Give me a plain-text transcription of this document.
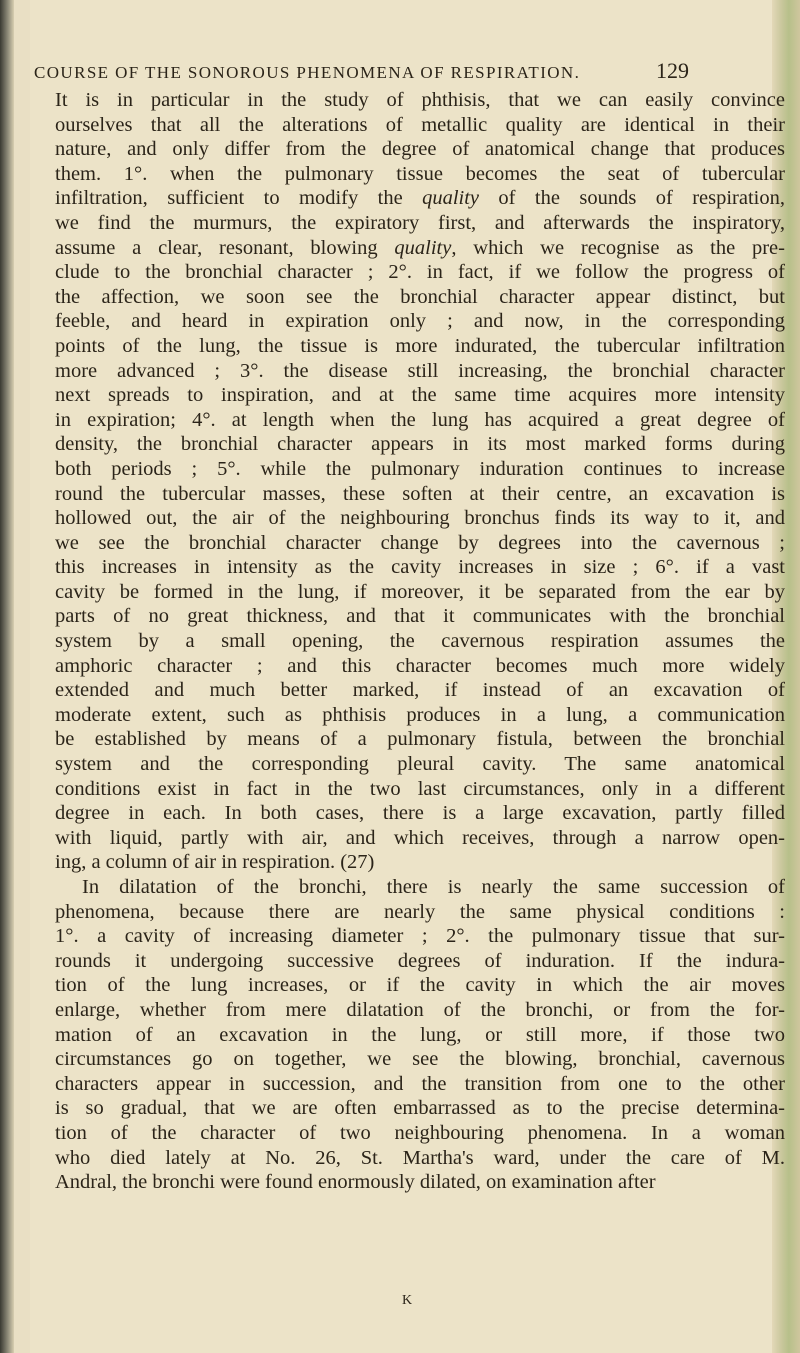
COURSE OF THE SONOROUS PHENOMENA OF RESPIRATION.	129
It is in particular in the study of phthisis, that we can easily convince
ourselves that all the alterations of metallic quality are identical in their
nature, and only differ from the degree of anatomical change that produces
them. 1°. when the pulmonary tissue becomes the seat of tubercular
infiltration, sufficient to modify the quality of the sounds of respiration,
we find the murmurs, the expiratory first, and afterwards the inspiratory,
assume a clear, resonant, blowing quality, which we recognise as the pre-
clude to the bronchial character ; 2°. in fact, if we follow the progress of
the affection, we soon see the bronchial character appear distinct, but
feeble, and heard in expiration only ; and now, in the corresponding
points of the lung, the tissue is more indurated, the tubercular infiltration
more advanced ; 3°. the disease still increasing, the bronchial character
next spreads to inspiration, and at the same time acquires more intensity
in expiration; 4°. at length when the lung has acquired a great degree of
density, the bronchial character appears in its most marked forms during
both periods ; 5°. while the pulmonary induration continues to increase
round the tubercular masses, these soften at their centre, an excavation is
hollowed out, the air of the neighbouring bronchus finds its way to it, and
we see the bronchial character change by degrees into the cavernous ;
this increases in intensity as the cavity increases in size ; 6°. if a vast
cavity be formed in the lung, if moreover, it be separated from the ear by
parts of no great thickness, and that it communicates with the bronchial
system by a small opening, the cavernous respiration assumes the
amphoric character ; and this character becomes much more widely
extended and much better marked, if instead of an excavation of
moderate extent, such as phthisis produces in a lung, a communication
be established by means of a pulmonary fistula, between the bronchial
system and the corresponding pleural cavity. The same anatomical
conditions exist in fact in the two last circumstances, only in a different
degree in each. In both cases, there is a large excavation, partly filled
with liquid, partly with air, and which receives, through a narrow open-
ing, a column of air in respiration. (27)
In dilatation of the bronchi, there is nearly the same succession of
phenomena, because there are nearly the same physical conditions :
1°. a cavity of increasing diameter ; 2°. the pulmonary tissue that sur-
rounds it undergoing successive degrees of induration. If the indura-
tion of the lung increases, or if the cavity in which the air moves
enlarge, whether from mere dilatation of the bronchi, or from the for-
mation of an excavation in the lung, or still more, if those two
circumstances go on together, we see the blowing, bronchial, cavernous
characters appear in succession, and the transition from one to the other
is so gradual, that we are often embarrassed as to the precise determina-
tion of the character of two neighbouring phenomena. In a woman
who died lately at No. 26, St. Martha's ward, under the care of M.
Andral, the bronchi were found enormously dilated, on examination after
K
